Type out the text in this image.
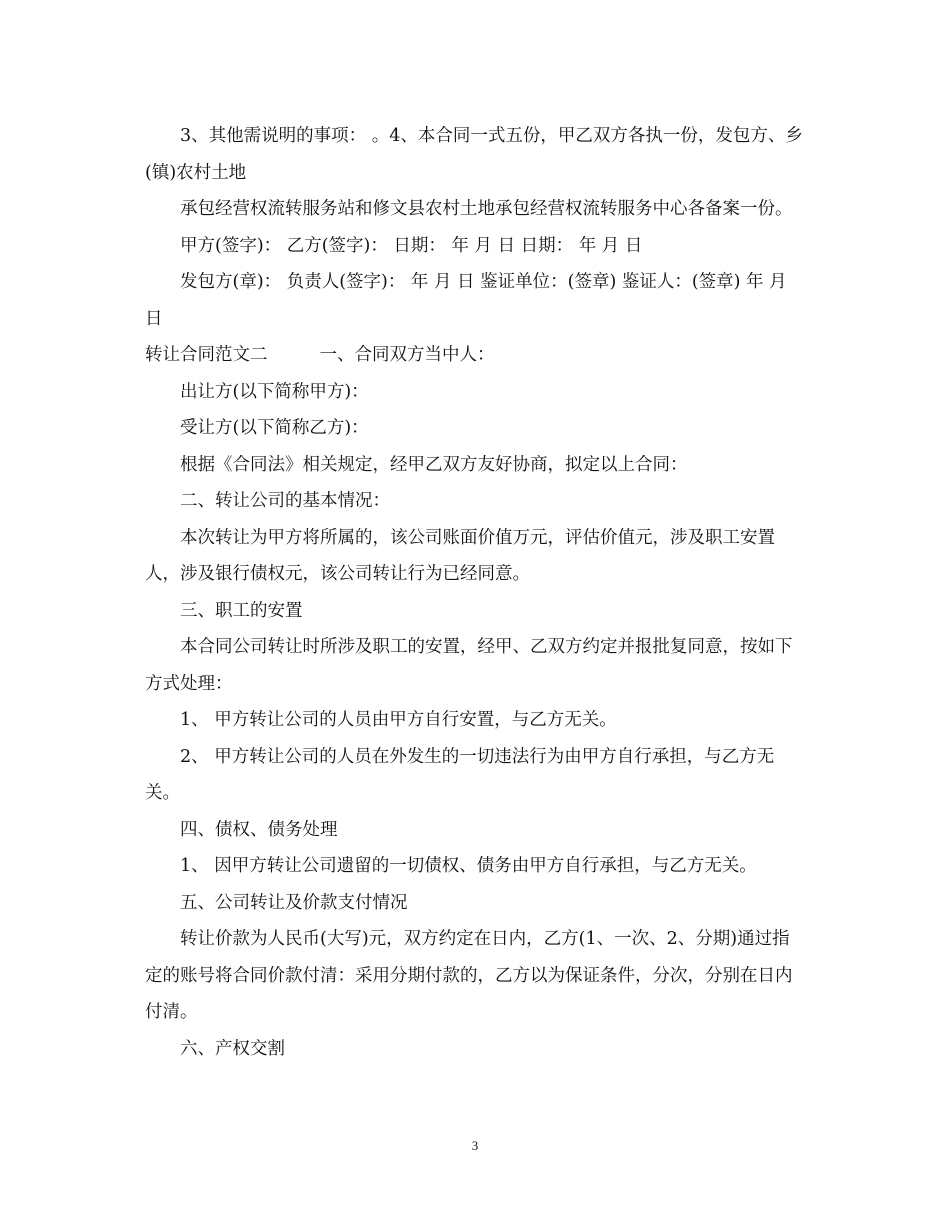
3、其他需说明的事项： 。4、本合同一式五份，甲乙双方各执一份，发包方、乡(镇)农村土地

承包经营权流转服务站和修文县农村土地承包经营权流转服务中心各备案一份。

甲方(签字)： 乙方(签字)： 日期： 年 月 日 日期： 年 月 日

发包方(章)： 负责人(签字)： 年 月 日 鉴证单位：(签章) 鉴证人：(签章) 年 月 日

转让合同范文二	一、合同双方当中人：

出让方(以下简称甲方)：

受让方(以下简称乙方)：

根据《合同法》相关规定，经甲乙双方友好协商，拟定以上合同：

二、转让公司的基本情况：

本次转让为甲方将所属的，该公司账面价值万元，评估价值元，涉及职工安置人，涉及银行债权元，该公司转让行为已经同意。

三、职工的安置

本合同公司转让时所涉及职工的安置，经甲、乙双方约定并报批复同意，按如下方式处理：

1、 甲方转让公司的人员由甲方自行安置，与乙方无关。

2、 甲方转让公司的人员在外发生的一切违法行为由甲方自行承担，与乙方无关。

四、债权、债务处理

1、 因甲方转让公司遗留的一切债权、债务由甲方自行承担，与乙方无关。

五、公司转让及价款支付情况

转让价款为人民币(大写)元，双方约定在日内，乙方(1、一次、2、分期)通过指定的账号将合同价款付清：采用分期付款的，乙方以为保证条件，分次，分别在日内付清。

六、产权交割

3
